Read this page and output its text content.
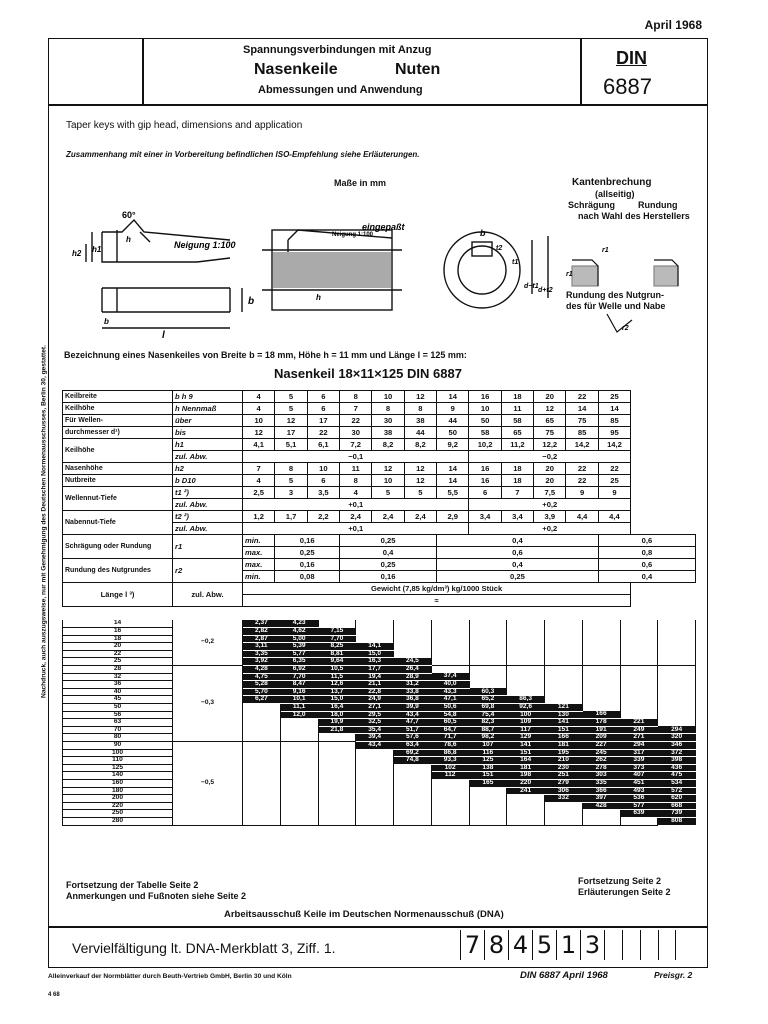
April 1968
Spannungsverbindungen mit Anzug
Nasenkeile	Nuten
Abmessungen und Anwendung
DIN
6887
Taper keys with gip head, dimensions and application
Zusammenhang mit einer in Vorbereitung befindlichen ISO-Empfehlung siehe Erläuterungen.
Nachdruck, auch auszugsweise, nur mit Genehmigung des Deutschen Normenausschusses, Berlin 30, gestattet.
Maße in mm
60°
Neigung 1:100
Neigung 1:100
eingepaßt
l
b
b
h
h1
h2
h
b
t2
t1
d−t1
d+t2
r1
r1
r2
Kantenbrechung
(allseitig)
Schrägung	Rundung
nach Wahl des Herstellers
Rundung des Nutgrun-
des für Welle und Nabe
Bezeichnung eines Nasenkeiles von Breite b = 18 mm, Höhe h = 11 mm und Länge l = 125 mm:
Nasenkeil 18×11×125 DIN 6887
Keilbreite	b h 9	4	5	6	8	10	12	14	16	18	20	22	25
Keilhöhe	h Nennmaß	4	5	6	7	8	8	9	10	11	12	14	14
Für Wellen-	über	10	12	17	22	30	38	44	50	58	65	75	85
durchmesser d¹)	bis	12	17	22	30	38	44	50	58	65	75	85	95
Keilhöhe	h1	4,1	5,1	6,1	7,2	8,2	8,2	9,2	10,2	11,2	12,2	14,2	14,2
	zul. Abw.	−0,1							−0,2				
Nasenhöhe	h2	7	8	10	11	12	12	14	16	18	20	22	22
Nutbreite	b D10	4	5	6	8	10	12	14	16	18	20	22	25
Wellennut-Tiefe	t1 ²)	2,5	3	3,5	4	5	5	5,5	6	7	7,5	9	9
	zul. Abw.	+0,1							+0,2				
Nabennut-Tiefe	t2 ²)	1,2	1,7	2,2	2,4	2,4	2,4	2,9	3,4	3,4	3,9	4,4	4,4
	zul. Abw.	+0,1							+0,2				
Schrägung oder Rundung	r1	min.	0,16		0,25			0,4					0,6
		max.	0,25		0,4			0,6					0,8
Rundung des Nutgrundes	r2	max.	0,16		0,25			0,4					0,6
		min.	0,08		0,16			0,25					0,4
Länge l ³)	zul. Abw.	Gewicht (7,85 kg/dm³) kg/1000 Stück											
		≈											
14	−0,2	2,37	4,23										
16		2,82	4,62	7,15									
18		2,87	5,00	7,70									
20		3,11	5,39	8,25	14,1								
22		3,35	5,77	8,81	15,0								
25		3,92	6,35	9,64	16,3	24,5							
28	−0,3	4,28	6,92	10,5	17,7	26,4							
32		4,75	7,70	11,5	19,4	28,9	37,4						
36		5,28	8,47	12,6	21,1	31,2	40,0						
40		5,70	9,16	13,7	22,8	33,8	43,3	60,3					
45		6,27	10,1	15,0	24,9	36,8	47,1	65,2	86,3				
50			11,1	16,4	27,1	39,9	50,6	69,8	92,6	121			
56			12,0	18,0	29,5	43,4	54,8	75,4	100	130	166		
63				19,9	32,5	47,7	60,5	82,3	109	141	178	221	
70				21,8	35,4	51,7	64,7	88,7	117	151	191	249	294
80					39,4	57,6	71,7	98,2	129	166	209	271	320
90	−0,5				43,4	63,4	78,6	107	141	181	227	294	346
100						69,2	86,8	116	151	195	245	317	372
110						74,8	93,3	125	164	210	262	339	398
125							102	138	181	230	278	373	436
140							112	151	198	251	303	407	475
160								165	220	279	335	451	534
180									241	306	366	493	572
200										332	397	536	620
220											428	577	668
250												639	739
280													808
Fortsetzung der Tabelle Seite 2
Anmerkungen und Fußnoten siehe Seite 2
Fortsetzung Seite 2
Erläuterungen Seite 2
Arbeitsausschuß Keile im Deutschen Normenausschuß (DNA)
Vervielfältigung lt. DNA-Merkblatt 3, Ziff. 1.	7 8 4 5 1 3
Alleinverkauf der Normblätter durch Beuth-Vertrieb GmbH, Berlin 30 und Köln	DIN 6887 April 1968	Preisgr. 2
4 68
